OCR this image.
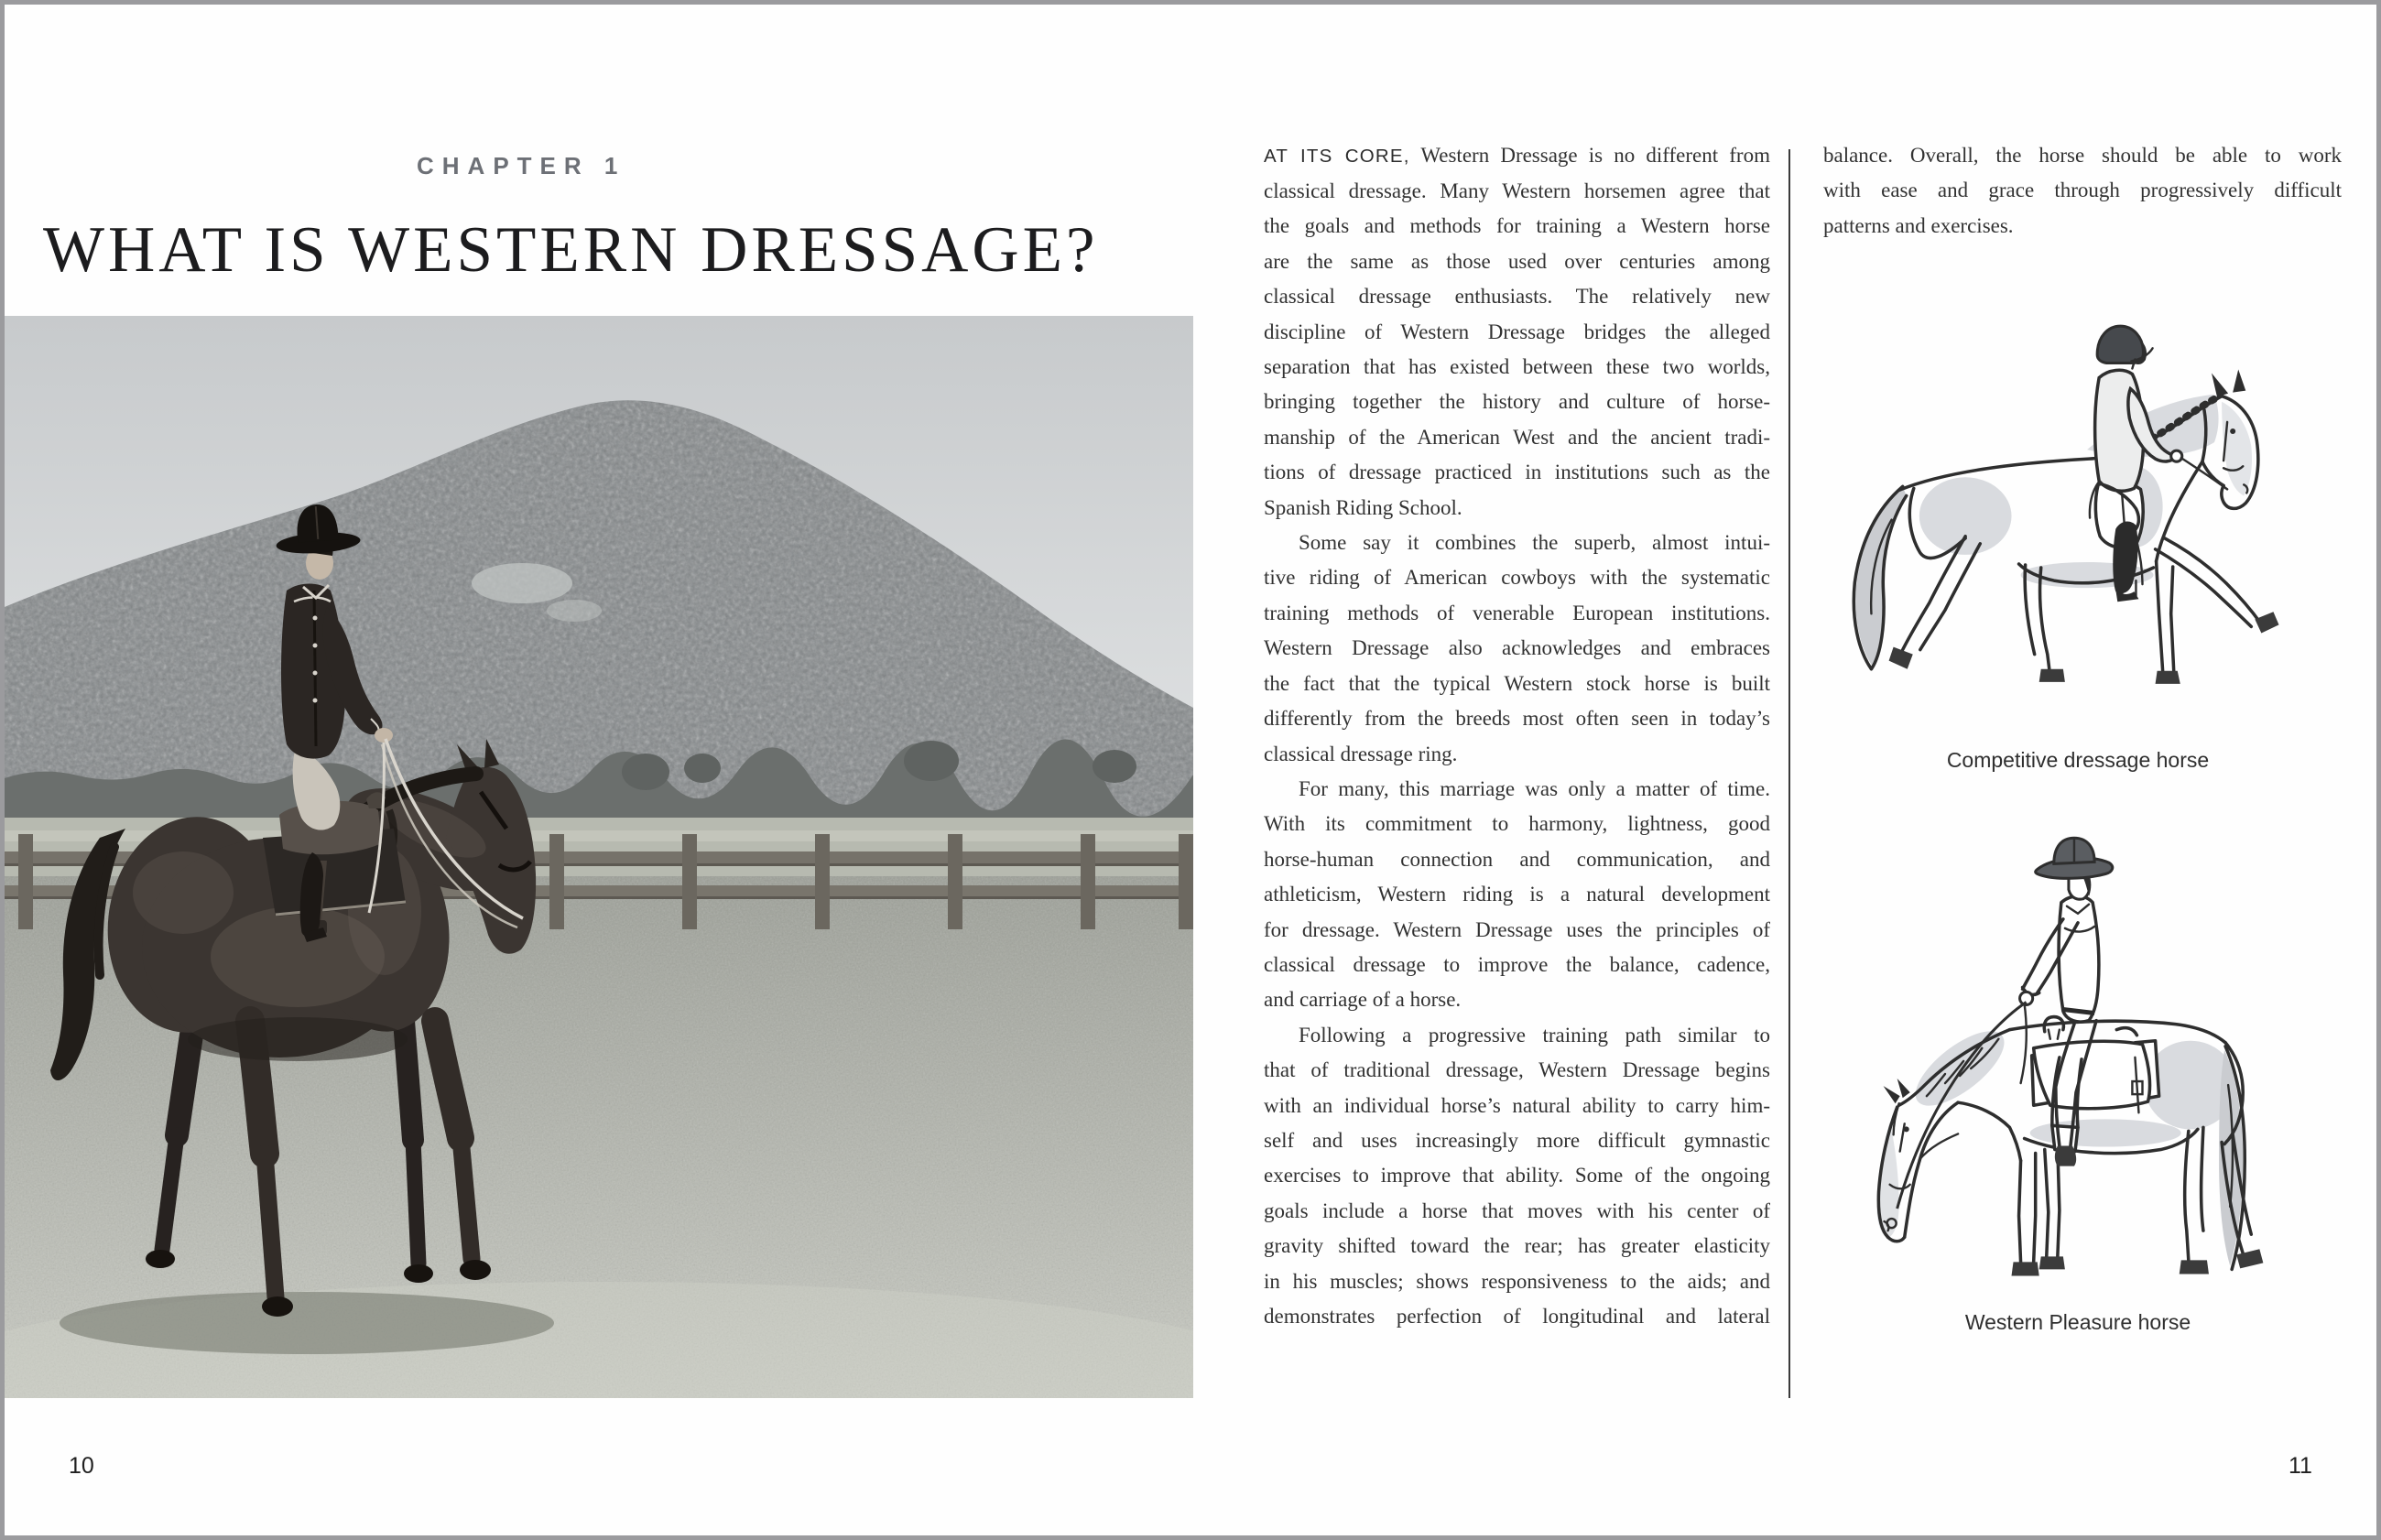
CHAPTER 1
WHAT IS WESTERN DRESSAGE?
10
AT ITS CORE, Western Dressage is no different from
classical dressage. Many Western horsemen agree that
the goals and methods for training a Western horse
are the same as those used over centuries among
classical dressage enthusiasts. The relatively new
discipline of Western Dressage bridges the alleged
separation that has existed between these two worlds,
bringing together the history and culture of horse-
manship of the American West and the ancient tradi-
tions of dressage practiced in institutions such as the
Spanish Riding School.
Some say it combines the superb, almost intui-
tive riding of American cowboys with the systematic
training methods of venerable European institutions.
Western Dressage also acknowledges and embraces
the fact that the typical Western stock horse is built
differently from the breeds most often seen in today’s
classical dressage ring.
For many, this marriage was only a matter of time.
With its commitment to harmony, lightness, good
horse-human connection and communication, and
athleticism, Western riding is a natural development
for dressage. Western Dressage uses the principles of
classical dressage to improve the balance, cadence,
and carriage of a horse.
Following a progressive training path similar to
that of traditional dressage, Western Dressage begins
with an individual horse’s natural ability to carry him-
self and uses increasingly more difficult gymnastic
exercises to improve that ability. Some of the ongoing
goals include a horse that moves with his center of
gravity shifted toward the rear; has greater elasticity
in his muscles; shows responsiveness to the aids; and
demonstrates perfection of longitudinal and lateral
balance. Overall, the horse should be able to work
with ease and grace through progressively difficult
patterns and exercises.
Competitive dressage horse
Western Pleasure horse
11
